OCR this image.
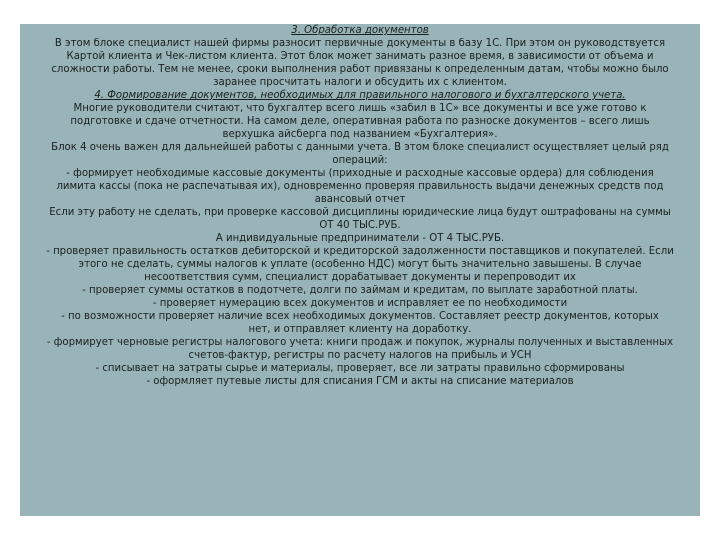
3. Обработка документов
В этом блоке специалист нашей фирмы разносит первичные документы в базу 1С. При этом он руководствуется
Картой клиента и Чек-листом клиента. Этот блок может занимать разное время, в зависимости от объема и
сложности работы. Тем не менее, сроки выполнения работ привязаны к определенным датам, чтобы можно было
заранее просчитать налоги и обсудить их с клиентом.
4. Формирование документов, необходимых для правильного налогового и бухгалтерского учета.
Многие руководители считают, что бухгалтер всего лишь «забил в 1С» все документы и все уже готово к
подготовке и сдаче отчетности. На самом деле, оперативная работа по разноске документов – всего лишь
верхушка айсберга под названием «Бухгалтерия».
Блок 4 очень важен для дальнейшей работы с данными учета. В этом блоке специалист осуществляет целый ряд
операций:
- формирует необходимые кассовые документы (приходные и расходные кассовые ордера) для соблюдения
лимита кассы (пока не распечатывая их), одновременно проверяя правильность выдачи денежных средств под
авансовый отчет
Если эту работу не сделать, при проверке кассовой дисциплины юридические лица будут оштрафованы на суммы
ОТ 40 ТЫС.РУБ.
А индивидуальные предприниматели - ОТ 4 ТЫС.РУБ.
- проверяет правильность остатков дебиторской и кредиторской задолженности поставщиков и покупателей. Если
этого не сделать, суммы налогов к уплате (особенно НДС) могут быть значительно завышены. В случае
несоответствия сумм, специалист дорабатывает документы и перепроводит их
- проверяет суммы остатков в подотчете, долги по займам и кредитам, по выплате заработной платы.
- проверяет нумерацию всех документов и исправляет ее по необходимости
- по возможности проверяет наличие всех необходимых документов. Составляет реестр документов, которых
нет, и отправляет клиенту на доработку.
- формирует черновые регистры налогового учета: книги продаж и покупок, журналы полученных и выставленных
счетов-фактур, регистры по расчету налогов на прибыль и УСН
- списывает на затраты сырье и материалы, проверяет, все ли затраты правильно сформированы
- оформляет путевые листы для списания ГСМ и акты на списание материалов
